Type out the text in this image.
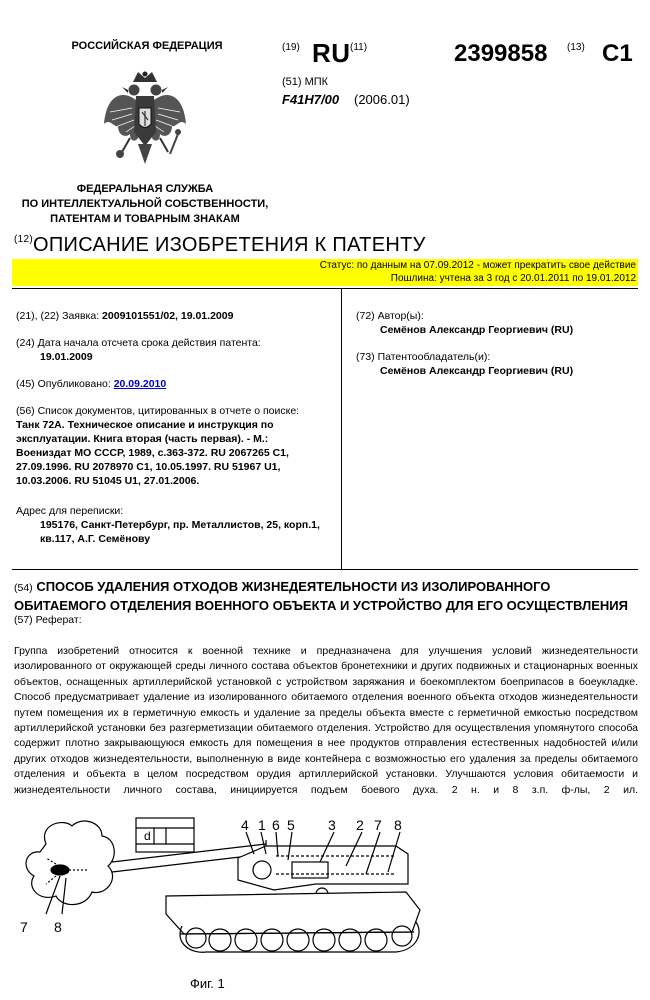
РОССИЙСКАЯ ФЕДЕРАЦИЯ
ФЕДЕРАЛЬНАЯ СЛУЖБА
ПО ИНТЕЛЛЕКТУАЛЬНОЙ СОБСТВЕННОСТИ,
ПАТЕНТАМ И ТОВАРНЫМ ЗНАКАМ
(19) RU (11)	2399858 (13) C1
(51) МПК
F41H7/00 (2006.01)
$^{(12)}$ОПИСАНИЕ ИЗОБРЕТЕНИЯ К ПАТЕНТУ
Статус: по данным на 07.09.2012 - может прекратить свое действие
Пошлина: учтена за 3 год с 20.01.2011 по 19.01.2012
(21), (22) Заявка: 2009101551/02, 19.01.2009
(24) Дата начала отсчета срока действия патента:
19.01.2009
(45) Опубликовано: 20.09.2010
(56) Список документов, цитированных в отчете о поиске: Танк 72А. Техническое описание и инструкция по эксплуатации. Книга вторая (часть первая). - М.: Воениздат МО СССР, 1989, с.363-372. RU 2067265 C1, 27.09.1996. RU 2078970 C1, 10.05.1997. RU 51967 U1, 10.03.2006. RU 51045 U1, 27.01.2006.
Адрес для переписки:
195176, Санкт-Петербург, пр. Металлистов, 25, корп.1, кв.117, А.Г. Семёнову
(72) Автор(ы):
Семёнов Александр Георгиевич (RU)
(73) Патентообладатель(и):
Семёнов Александр Георгиевич (RU)
(54) СПОСОБ УДАЛЕНИЯ ОТХОДОВ ЖИЗНЕДЕЯТЕЛЬНОСТИ ИЗ ИЗОЛИРОВАННОГО ОБИТАЕМОГО ОТДЕЛЕНИЯ ВОЕННОГО ОБЪЕКТА И УСТРОЙСТВО ДЛЯ ЕГО ОСУЩЕСТВЛЕНИЯ
(57) Реферат:
Группа изобретений относится к военной технике и предназначена для улучшения условий жизнедеятельности изолированного от окружающей среды личного состава объектов бронетехники и других подвижных и стационарных военных объектов, оснащенных артиллерийской установкой с устройством заряжания и боекомплектом боеприпасов в боеукладке. Способ предусматривает удаление из изолированного обитаемого отделения военного объекта отходов жизнедеятельности путем помещения их в герметичную емкость и удаление за пределы объекта вместе с герметичной емкостью посредством артиллерийской установки без разгерметизации обитаемого отделения. Устройство для осуществления упомянутого способа содержит плотно закрывающуюся емкость для помещения в нее продуктов отправления естественных надобностей и/или других отходов жизнедеятельности, выполненную в виде контейнера с возможностью его удаления за пределы обитаемого отделения и объекта в целом посредством орудия артиллерийской установки. Улучшаются условия обитаемости и жизнедеятельности личного состава, инициируется подъем боевого духа. 2 н. и 8 з.п. ф-лы, 2 ил.
4 1 6 5 3 2 7 8
7 8
d
Фиг. 1
